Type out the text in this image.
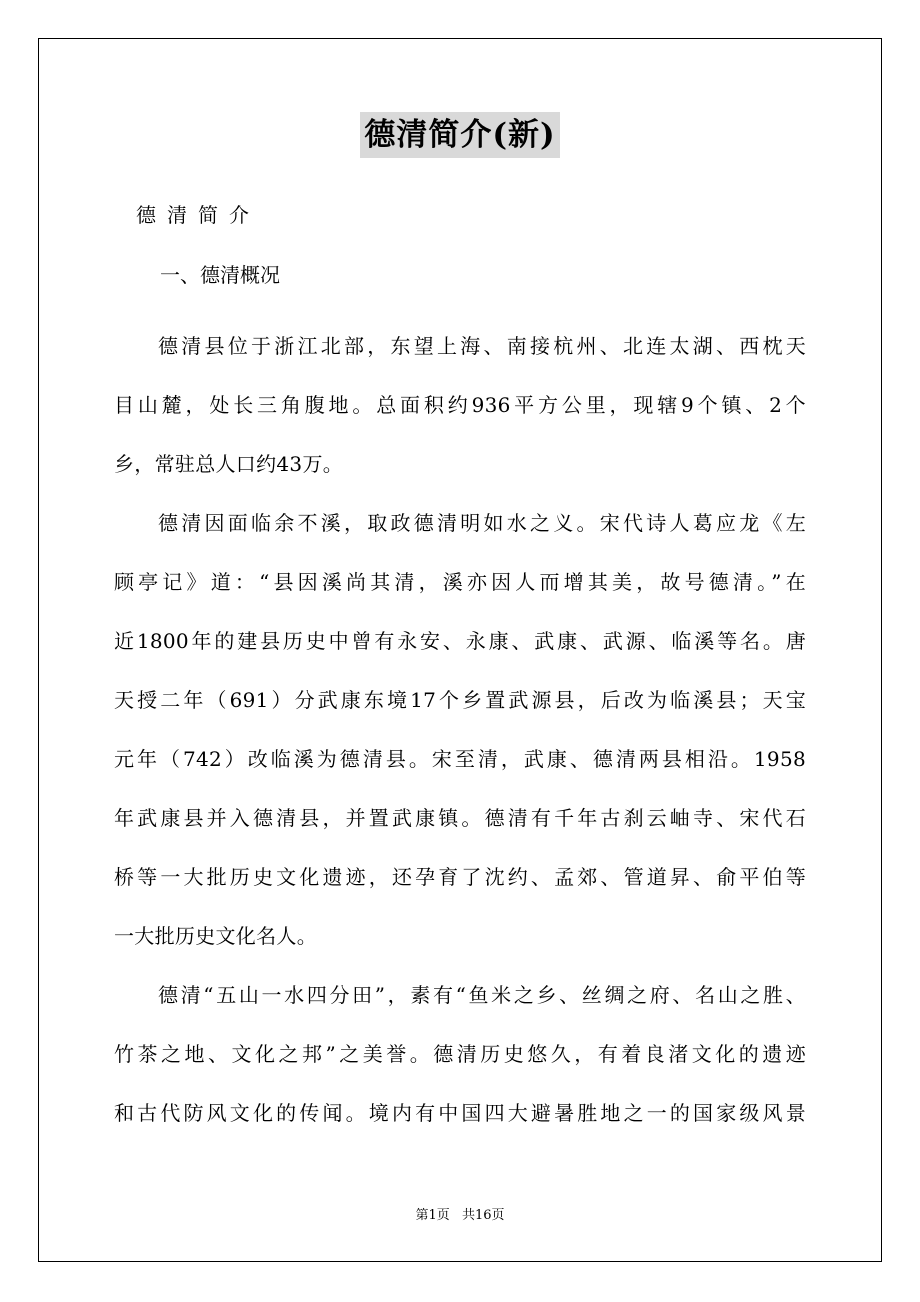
德清简介(新)
德清简介
一、德清概况
德清县位于浙江北部，东望上海、南接杭州、北连太湖、西枕天
目山麓，处长三角腹地。总面积约936平方公里，现辖9个镇、2个
乡，常驻总人口约43万。
德清因面临余不溪，取政德清明如水之义。宋代诗人葛应龙《左
顾亭记》道：“县因溪尚其清，溪亦因人而增其美，故号德清。”在
近1800年的建县历史中曾有永安、永康、武康、武源、临溪等名。唐
天授二年（691）分武康东境17个乡置武源县，后改为临溪县；天宝
元年（742）改临溪为德清县。宋至清，武康、德清两县相沿。1958
年武康县并入德清县，并置武康镇。德清有千年古刹云岫寺、宋代石
桥等一大批历史文化遗迹，还孕育了沈约、孟郊、管道昇、俞平伯等
一大批历史文化名人。
德清“五山一水四分田”，素有“鱼米之乡、丝绸之府、名山之胜、
竹茶之地、文化之邦”之美誉。德清历史悠久，有着良渚文化的遗迹
和古代防风文化的传闻。境内有中国四大避暑胜地之一的国家级风景
第1页 共16页
